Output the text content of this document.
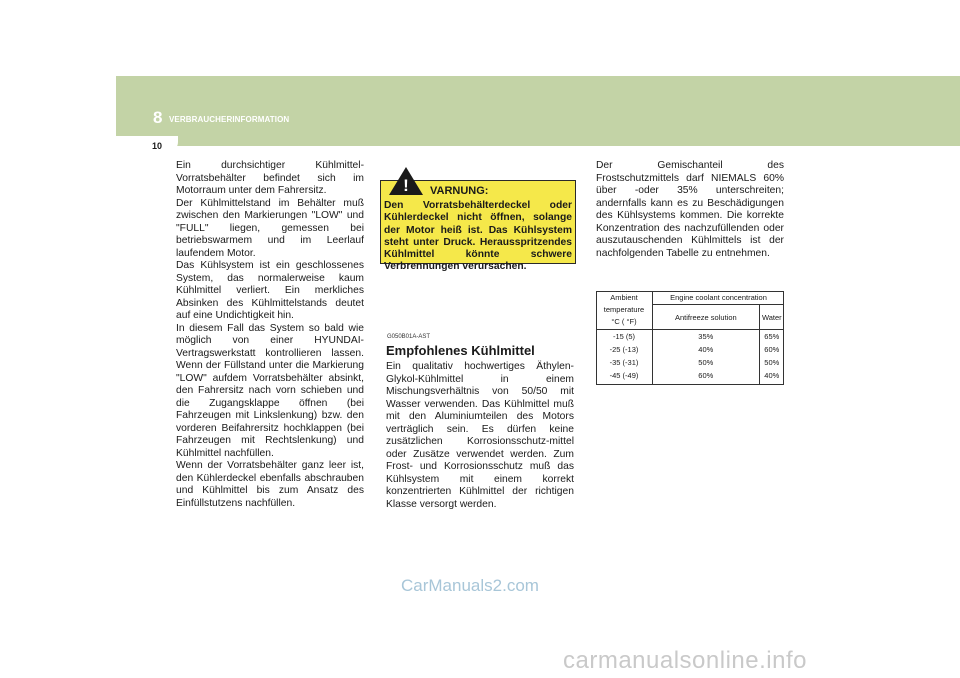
8 VERBRAUCHERINFORMATION
10

Ein durchsichtiger Kühlmittel-Vorratsbehälter befindet sich im Motorraum unter dem Fahrersitz.

Der Kühlmittelstand im Behälter muß zwischen den Markierungen "LOW" und "FULL" liegen, gemessen bei betriebswarmem und im Leerlauf laufendem Motor.

Das Kühlsystem ist ein geschlossenes System, das normalerweise kaum Kühlmittel verliert. Ein merkliches Absinken des Kühlmittelstands deutet auf eine Undichtigkeit hin.

In diesem Fall das System so bald wie möglich von einer HYUNDAI-Vertragswerkstatt kontrollieren lassen. Wenn der Füllstand unter die Markierung "LOW" aufdem Vorratsbehälter absinkt, den Fahrersitz nach vorn schieben und die Zugangsklappe öffnen (bei Fahrzeugen mit Linkslenkung) bzw. den vorderen Beifahrersitz hochklappen (bei Fahrzeugen mit Rechtslenkung) und Kühlmittel nachfüllen.

Wenn der Vorratsbehälter ganz leer ist, den Kühlerdeckel ebenfalls abschrauben und Kühlmittel bis zum Ansatz des Einfüllstutzens nachfüllen.

! VARNUNG:
Den Vorratsbehälterdeckel oder Kühlerdeckel nicht öffnen, solange der Motor heiß ist. Das Kühlsystem steht unter Druck. Herausspritzendes Kühlmittel könnte schwere Verbrennungen verursachen.
G050B01A-AST
Empfohlenes Kühlmittel
Ein qualitativ hochwertiges Äthylen-Glykol-Kühlmittel in einem Mischungsverhältnis von 50/50 mit Wasser verwenden. Das Kühlmittel muß mit den Aluminiumteilen des Motors verträglich sein. Es dürfen keine zusätzlichen Korrosionsschutz-mittel oder Zusätze verwendet werden. Zum Frost- und Korrosionsschutz muß das Kühlsystem mit einem korrekt konzentrierten Kühlmittel der richtigen Klasse versorgt werden.
Der Gemischanteil des Frostschutzmittels darf NIEMALS 60% über -oder 35% unterschreiten; andernfalls kann es zu Beschädigungen des Kühlsystems kommen. Die korrekte Konzentration des nachzufüllenden oder auszutauschenden Kühlmittels ist der nachfolgenden Tabelle zu entnehmen.
Ambient
temperature
°C ( °F)	Engine coolant concentration	
	Antifreeze solution	Water
-15 (5)	35%	65%
-25 (-13)	40%	60%
-35 (-31)	50%	50%
-45 (-49)	60%	40%

CarManuals2.com
carmanualsonline.info
